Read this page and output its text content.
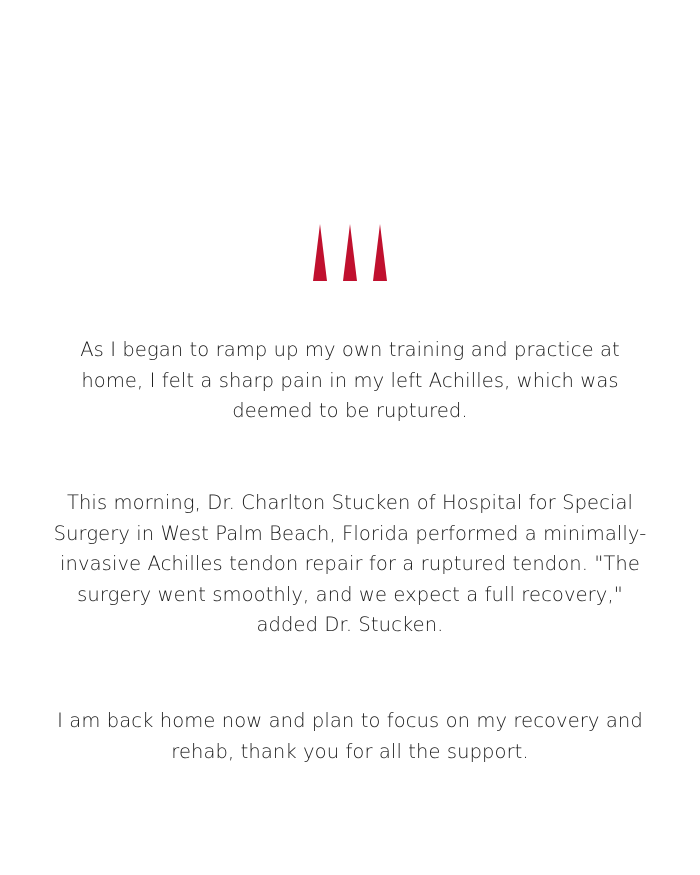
As I began to ramp up my own training and practice at home, I felt a sharp pain in my left Achilles, which was deemed to be ruptured.

This morning, Dr. Charlton Stucken of Hospital for Special Surgery in West Palm Beach, Florida performed a minimally-invasive Achilles tendon repair for a ruptured tendon. "The surgery went smoothly, and we expect a full recovery," added Dr. Stucken.

I am back home now and plan to focus on my recovery and rehab, thank you for all the support.
